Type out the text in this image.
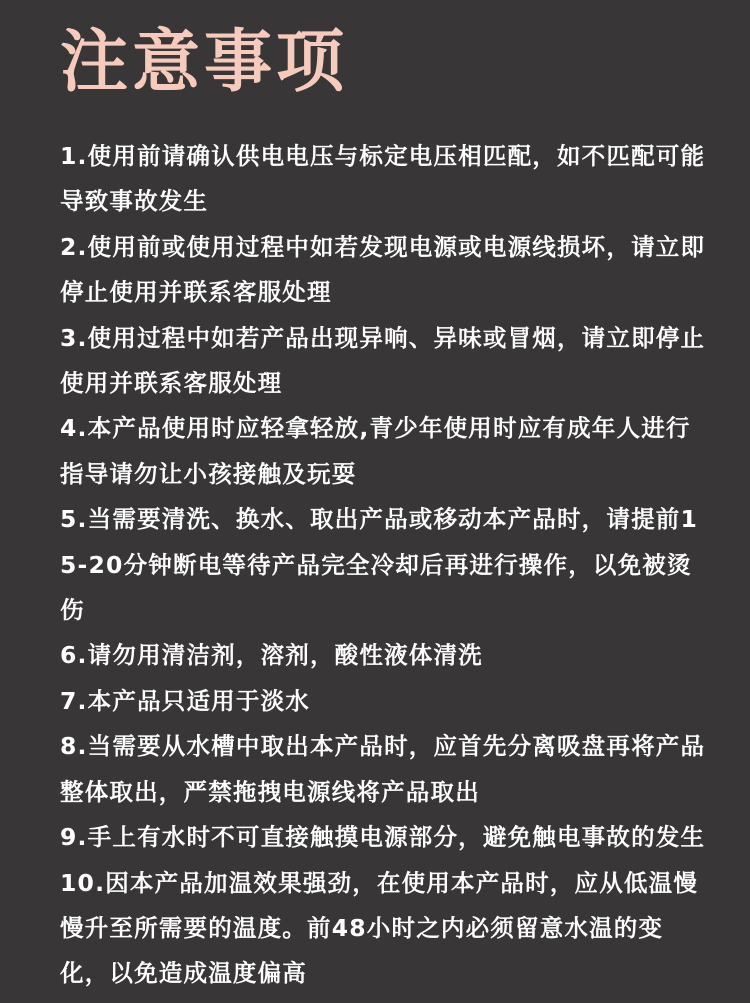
注意事项
1.使用前请确认供电电压与标定电压相匹配，如不匹配可能导致事故发生
2.使用前或使用过程中如若发现电源或电源线损坏，请立即停止使用并联系客服处理
3.使用过程中如若产品出现异响、异味或冒烟，请立即停止使用并联系客服处理
4.本产品使用时应轻拿轻放,青少年使用时应有成年人进行指导请勿让小孩接触及玩耍
5.当需要清洗、换水、取出产品或移动本产品时，请提前15-20分钟断电等待产品完全冷却后再进行操作，以免被烫伤
6.请勿用清洁剂，溶剂，酸性液体清洗
7.本产品只适用于淡水
8.当需要从水槽中取出本产品时，应首先分离吸盘再将产品整体取出，严禁拖拽电源线将产品取出
9.手上有水时不可直接触摸电源部分，避免触电事故的发生
10.因本产品加温效果强劲，在使用本产品时，应从低温慢慢升至所需要的温度。前48小时之内必须留意水温的变化，以免造成温度偏高
